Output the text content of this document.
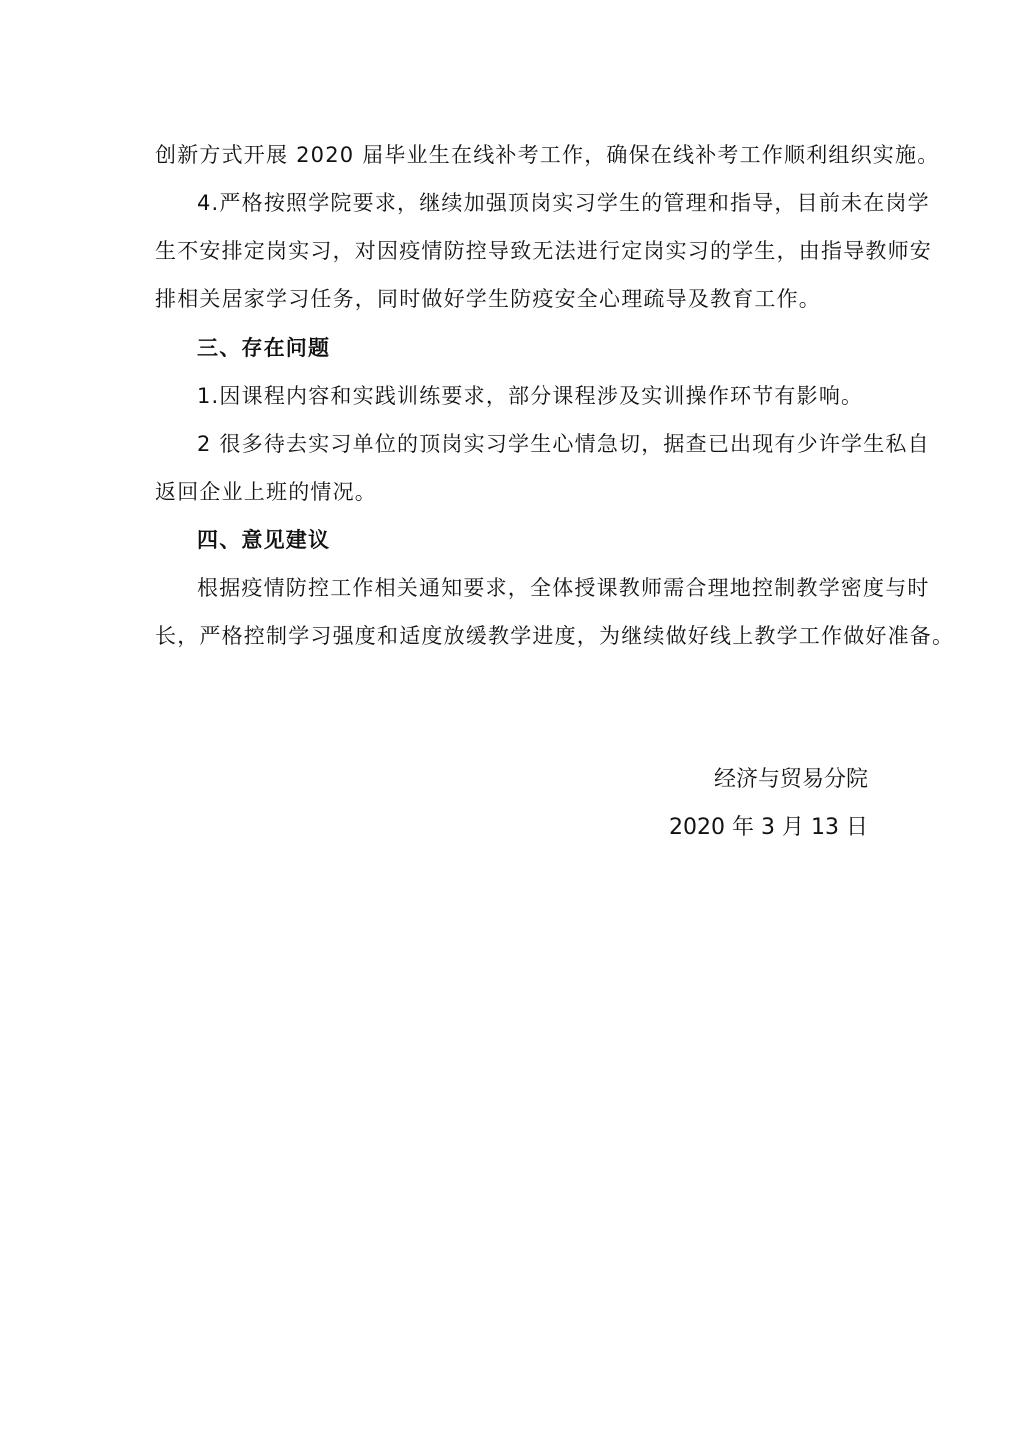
创新方式开展 2020 届毕业生在线补考工作，确保在线补考工作顺利组织实施。
4.严格按照学院要求，继续加强顶岗实习学生的管理和指导，目前未在岗学
生不安排定岗实习，对因疫情防控导致无法进行定岗实习的学生，由指导教师安
排相关居家学习任务，同时做好学生防疫安全心理疏导及教育工作。
三、存在问题
1.因课程内容和实践训练要求，部分课程涉及实训操作环节有影响。
2 很多待去实习单位的顶岗实习学生心情急切，据查已出现有少许学生私自
返回企业上班的情况。
四、意见建议
根据疫情防控工作相关通知要求，全体授课教师需合理地控制教学密度与时
长，严格控制学习强度和适度放缓教学进度，为继续做好线上教学工作做好准备。
经济与贸易分院
2020 年 3 月 13 日
